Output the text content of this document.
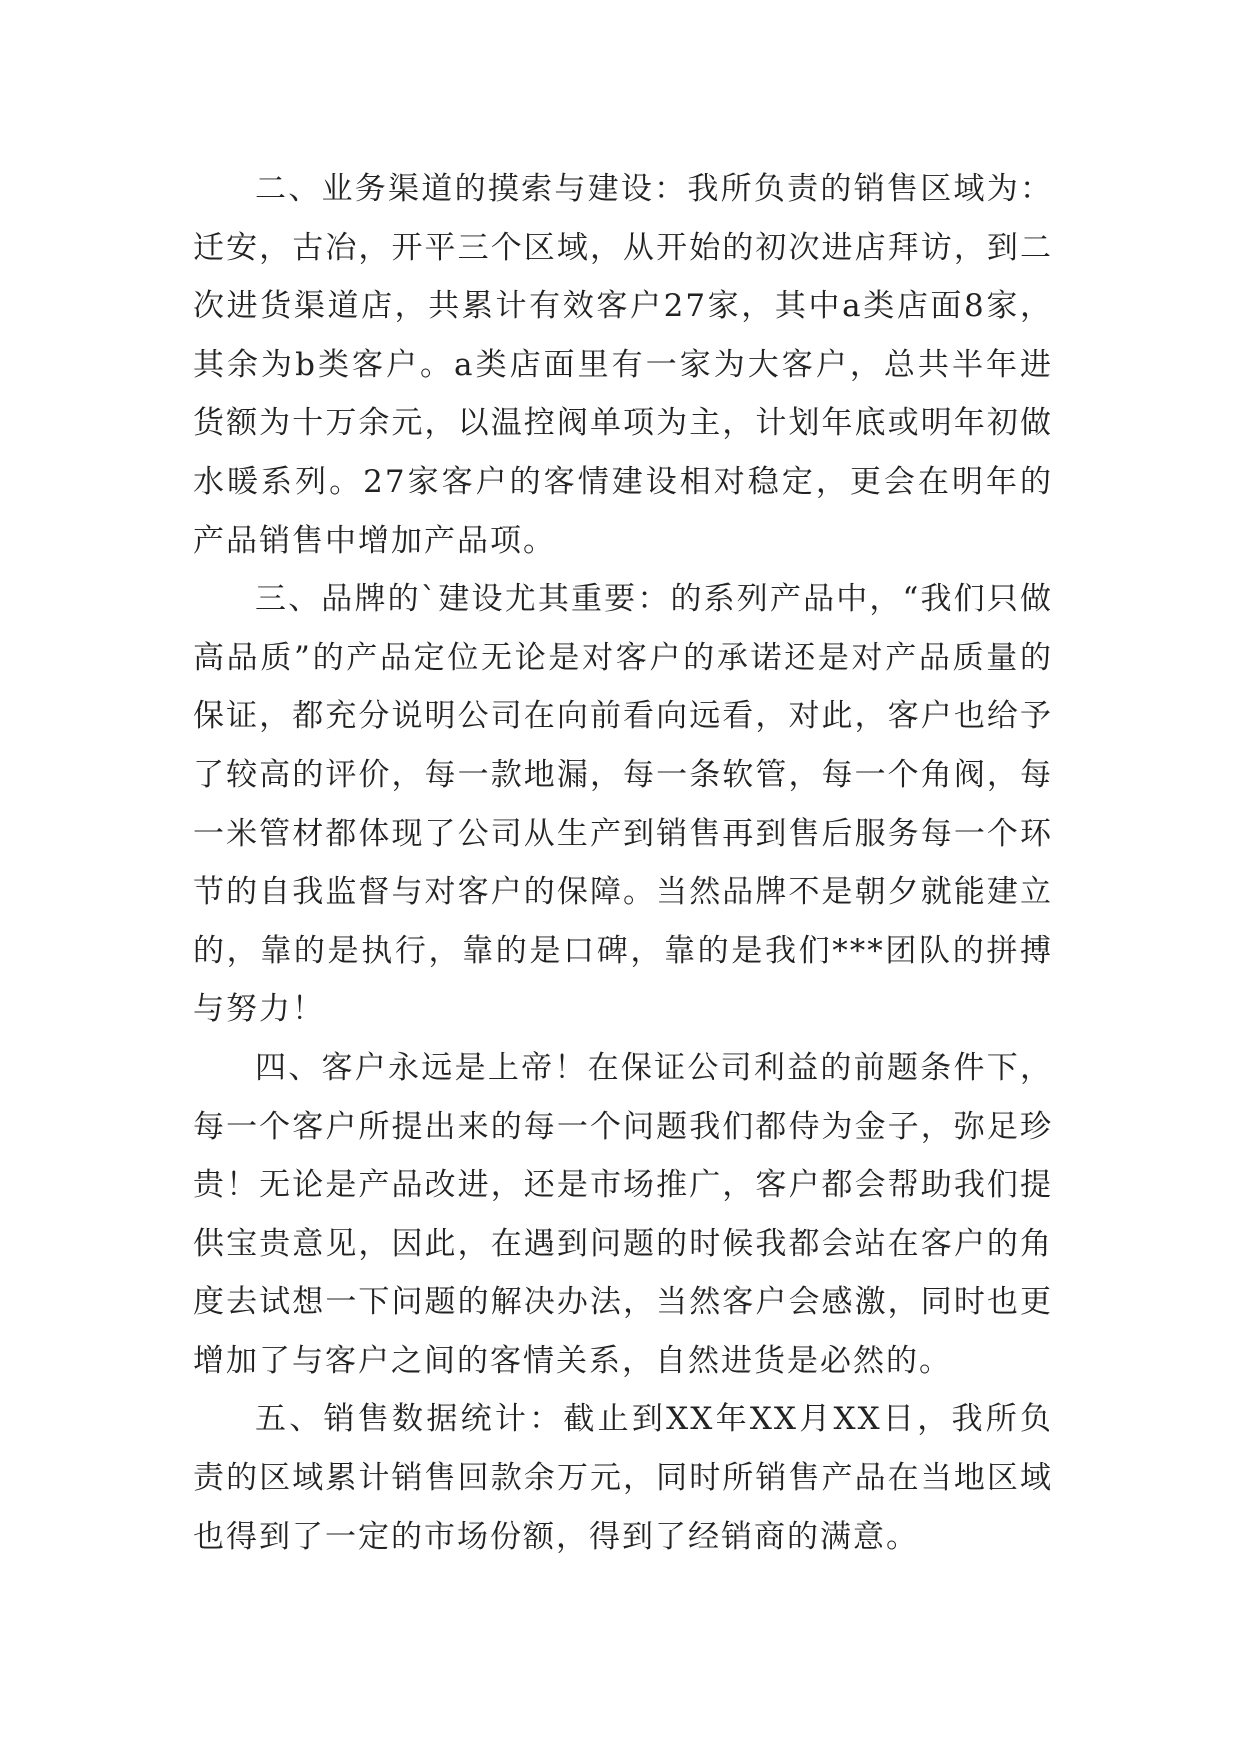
二、业务渠道的摸索与建设：我所负责的销售区域为：迁安，古冶，开平三个区域，从开始的初次进店拜访，到二次进货渠道店，共累计有效客户27家，其中a类店面8家，其余为b类客户。a类店面里有一家为大客户，总共半年进货额为十万余元，以温控阀单项为主，计划年底或明年初做水暖系列。27家客户的客情建设相对稳定，更会在明年的产品销售中增加产品项。

三、品牌的`建设尤其重要：的系列产品中，“我们只做高品质”的产品定位无论是对客户的承诺还是对产品质量的保证，都充分说明公司在向前看向远看，对此，客户也给予了较高的评价，每一款地漏，每一条软管，每一个角阀，每一米管材都体现了公司从生产到销售再到售后服务每一个环节的自我监督与对客户的保障。当然品牌不是朝夕就能建立的，靠的是执行，靠的是口碑，靠的是我们***团队的拼搏与努力！

四、客户永远是上帝！在保证公司利益的前题条件下，每一个客户所提出来的每一个问题我们都侍为金子，弥足珍贵！无论是产品改进，还是市场推广，客户都会帮助我们提供宝贵意见，因此，在遇到问题的时候我都会站在客户的角度去试想一下问题的解决办法，当然客户会感激，同时也更增加了与客户之间的客情关系，自然进货是必然的。

五、销售数据统计：截止到XX年XX月XX日，我所负责的区域累计销售回款余万元，同时所销售产品在当地区域也得到了一定的市场份额，得到了经销商的满意。
